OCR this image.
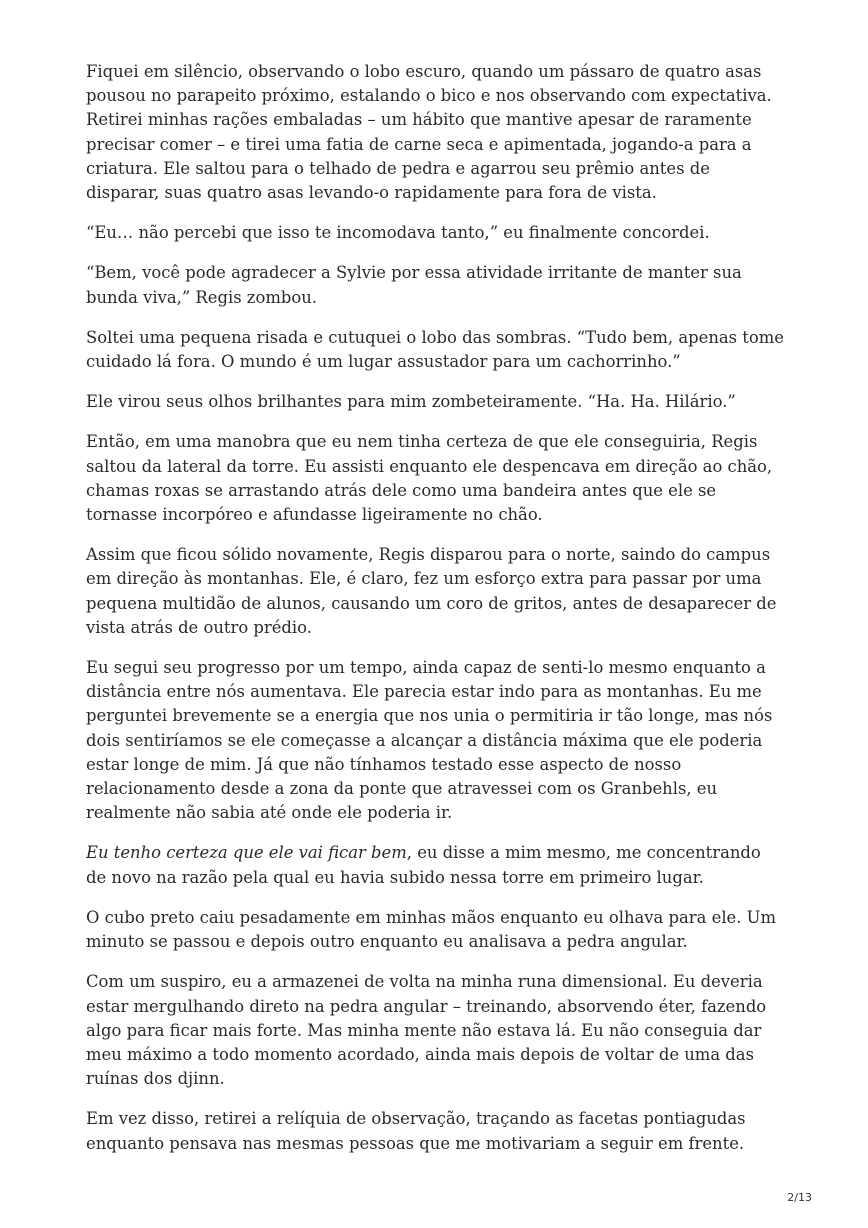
Fiquei em silêncio, observando o lobo escuro, quando um pássaro de quatro asas pousou no parapeito próximo, estalando o bico e nos observando com expectativa. Retirei minhas rações embaladas – um hábito que mantive apesar de raramente precisar comer – e tirei uma fatia de carne seca e apimentada, jogando-a para a criatura. Ele saltou para o telhado de pedra e agarrou seu prêmio antes de disparar, suas quatro asas levando-o rapidamente para fora de vista.

“Eu… não percebi que isso te incomodava tanto,” eu finalmente concordei.

“Bem, você pode agradecer a Sylvie por essa atividade irritante de manter sua bunda viva,” Regis zombou.

Soltei uma pequena risada e cutuquei o lobo das sombras. “Tudo bem, apenas tome cuidado lá fora. O mundo é um lugar assustador para um cachorrinho.”

Ele virou seus olhos brilhantes para mim zombeteiramente. “Ha. Ha. Hilário.”

Então, em uma manobra que eu nem tinha certeza de que ele conseguiria, Regis saltou da lateral da torre. Eu assisti enquanto ele despencava em direção ao chão, chamas roxas se arrastando atrás dele como uma bandeira antes que ele se tornasse incorpóreo e afundasse ligeiramente no chão.

Assim que ficou sólido novamente, Regis disparou para o norte, saindo do campus em direção às montanhas. Ele, é claro, fez um esforço extra para passar por uma pequena multidão de alunos, causando um coro de gritos, antes de desaparecer de vista atrás de outro prédio.

Eu segui seu progresso por um tempo, ainda capaz de senti-lo mesmo enquanto a distância entre nós aumentava. Ele parecia estar indo para as montanhas. Eu me perguntei brevemente se a energia que nos unia o permitiria ir tão longe, mas nós dois sentiríamos se ele começasse a alcançar a distância máxima que ele poderia estar longe de mim. Já que não tínhamos testado esse aspecto de nosso relacionamento desde a zona da ponte que atravessei com os Granbehls, eu realmente não sabia até onde ele poderia ir.

Eu tenho certeza que ele vai ficar bem, eu disse a mim mesmo, me concentrando de novo na razão pela qual eu havia subido nessa torre em primeiro lugar.

O cubo preto caiu pesadamente em minhas mãos enquanto eu olhava para ele. Um minuto se passou e depois outro enquanto eu analisava a pedra angular.

Com um suspiro, eu a armazenei de volta na minha runa dimensional. Eu deveria estar mergulhando direto na pedra angular – treinando, absorvendo éter, fazendo algo para ficar mais forte. Mas minha mente não estava lá. Eu não conseguia dar meu máximo a todo momento acordado, ainda mais depois de voltar de uma das ruínas dos djinn.

Em vez disso, retirei a relíquia de observação, traçando as facetas pontiagudas enquanto pensava nas mesmas pessoas que me motivariam a seguir em frente.

2/13
